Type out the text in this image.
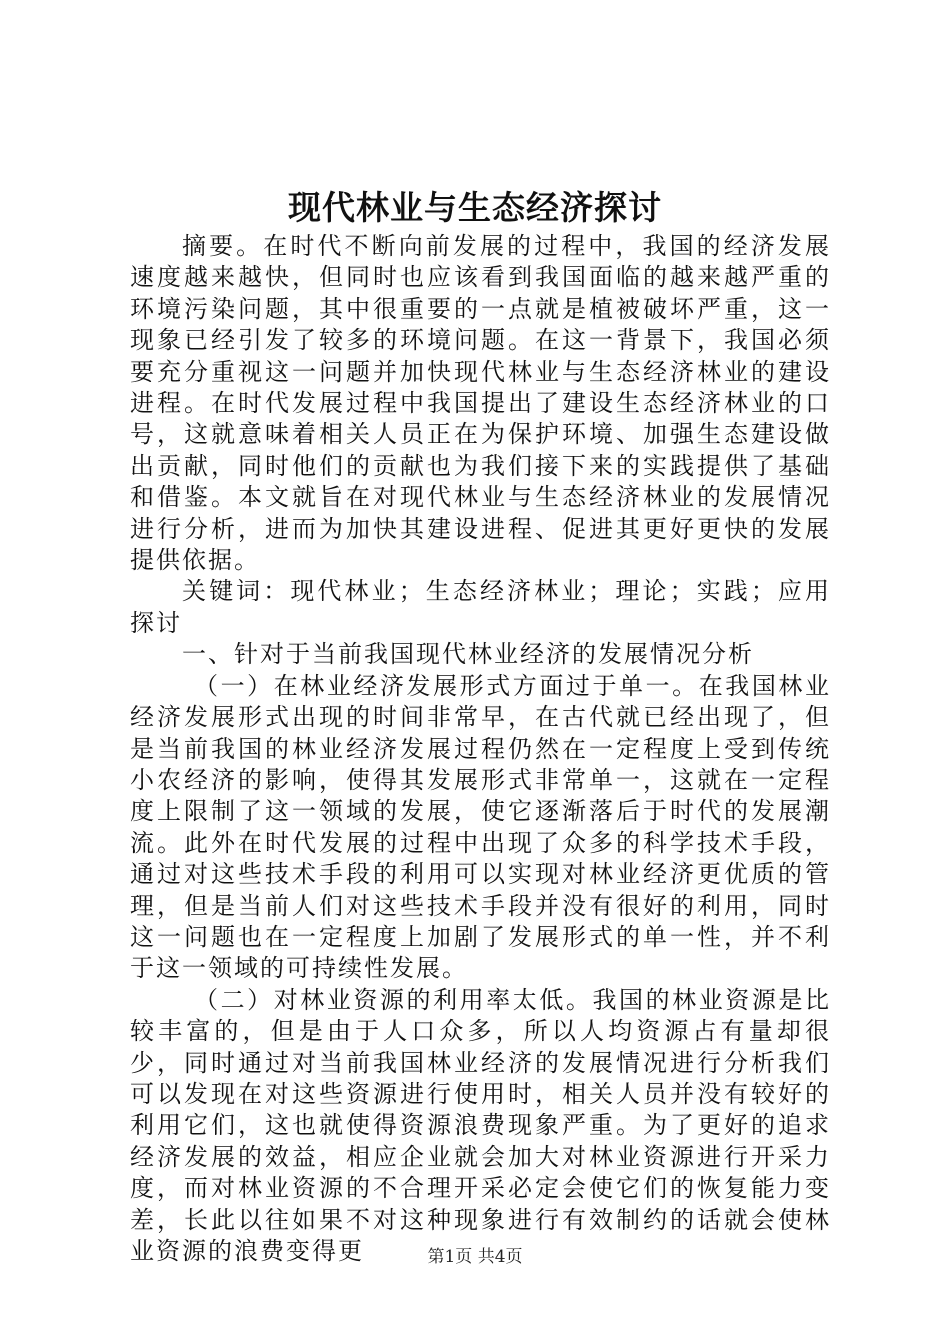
现代林业与生态经济探讨

摘要。在时代不断向前发展的过程中，我国的经济发展速度越来越快，但同时也应该看到我国面临的越来越严重的环境污染问题，其中很重要的一点就是植被破坏严重，这一现象已经引发了较多的环境问题。在这一背景下，我国必须要充分重视这一问题并加快现代林业与生态经济林业的建设进程。在时代发展过程中我国提出了建设生态经济林业的口号，这就意味着相关人员正在为保护环境、加强生态建设做出贡献，同时他们的贡献也为我们接下来的实践提供了基础和借鉴。本文就旨在对现代林业与生态经济林业的发展情况进行分析，进而为加快其建设进程、促进其更好更快的发展提供依据。

关键词：现代林业；生态经济林业；理论；实践；应用探讨

一、针对于当前我国现代林业经济的发展情况分析

（一）在林业经济发展形式方面过于单一。在我国林业经济发展形式出现的时间非常早，在古代就已经出现了，但是当前我国的林业经济发展过程仍然在一定程度上受到传统小农经济的影响，使得其发展形式非常单一，这就在一定程度上限制了这一领域的发展，使它逐渐落后于时代的发展潮流。此外在时代发展的过程中出现了众多的科学技术手段，通过对这些技术手段的利用可以实现对林业经济更优质的管理，但是当前人们对这些技术手段并没有很好的利用，同时这一问题也在一定程度上加剧了发展形式的单一性，并不利于这一领域的可持续性发展。

（二）对林业资源的利用率太低。我国的林业资源是比较丰富的，但是由于人口众多，所以人均资源占有量却很少，同时通过对当前我国林业经济的发展情况进行分析我们可以发现在对这些资源进行使用时，相关人员并没有较好的利用它们，这也就使得资源浪费现象严重。为了更好的追求经济发展的效益，相应企业就会加大对林业资源进行开采力度，而对林业资源的不合理开采必定会使它们的恢复能力变差，长此以往如果不对这种现象进行有效制约的话就会使林业资源的浪费变得更	第1页 共4页
